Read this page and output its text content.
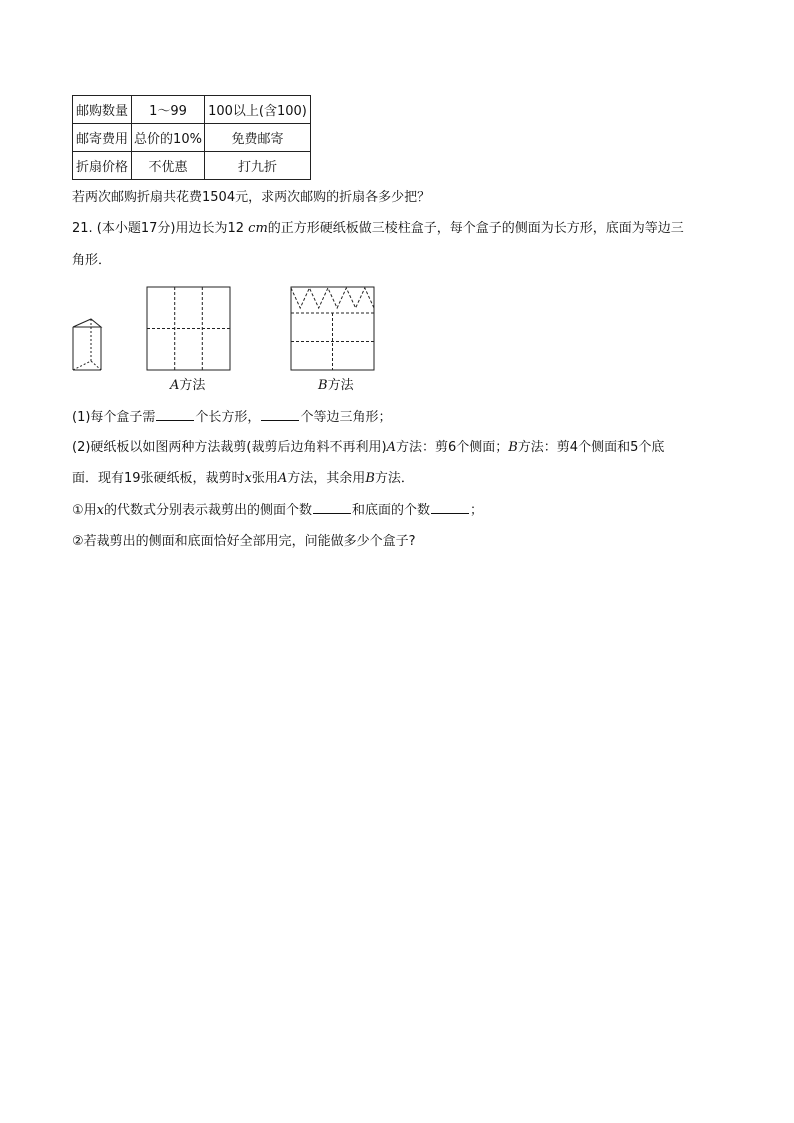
邮购数量	1～99	100以上(含100)
邮寄费用	总价的10%	免费邮寄
折扇价格	不优惠	打九折
若两次邮购折扇共花费1504元，求两次邮购的折扇各多少把？
21. (本小题17分)用边长为12 cm的正方形硬纸板做三棱柱盒子，每个盒子的侧面为长方形，底面为等边三
角形．
A方法	B方法
(1)每个盒子需	个长方形，	个等边三角形；
(2)硬纸板以如图两种方法裁剪(裁剪后边角料不再利用)A方法：剪6个侧面；B方法：剪4个侧面和5个底
面．现有19张硬纸板，裁剪时x张用A方法，其余用B方法．
①用x的代数式分别表示裁剪出的侧面个数	和底面的个数	；
②若裁剪出的侧面和底面恰好全部用完，问能做多少个盒子?
